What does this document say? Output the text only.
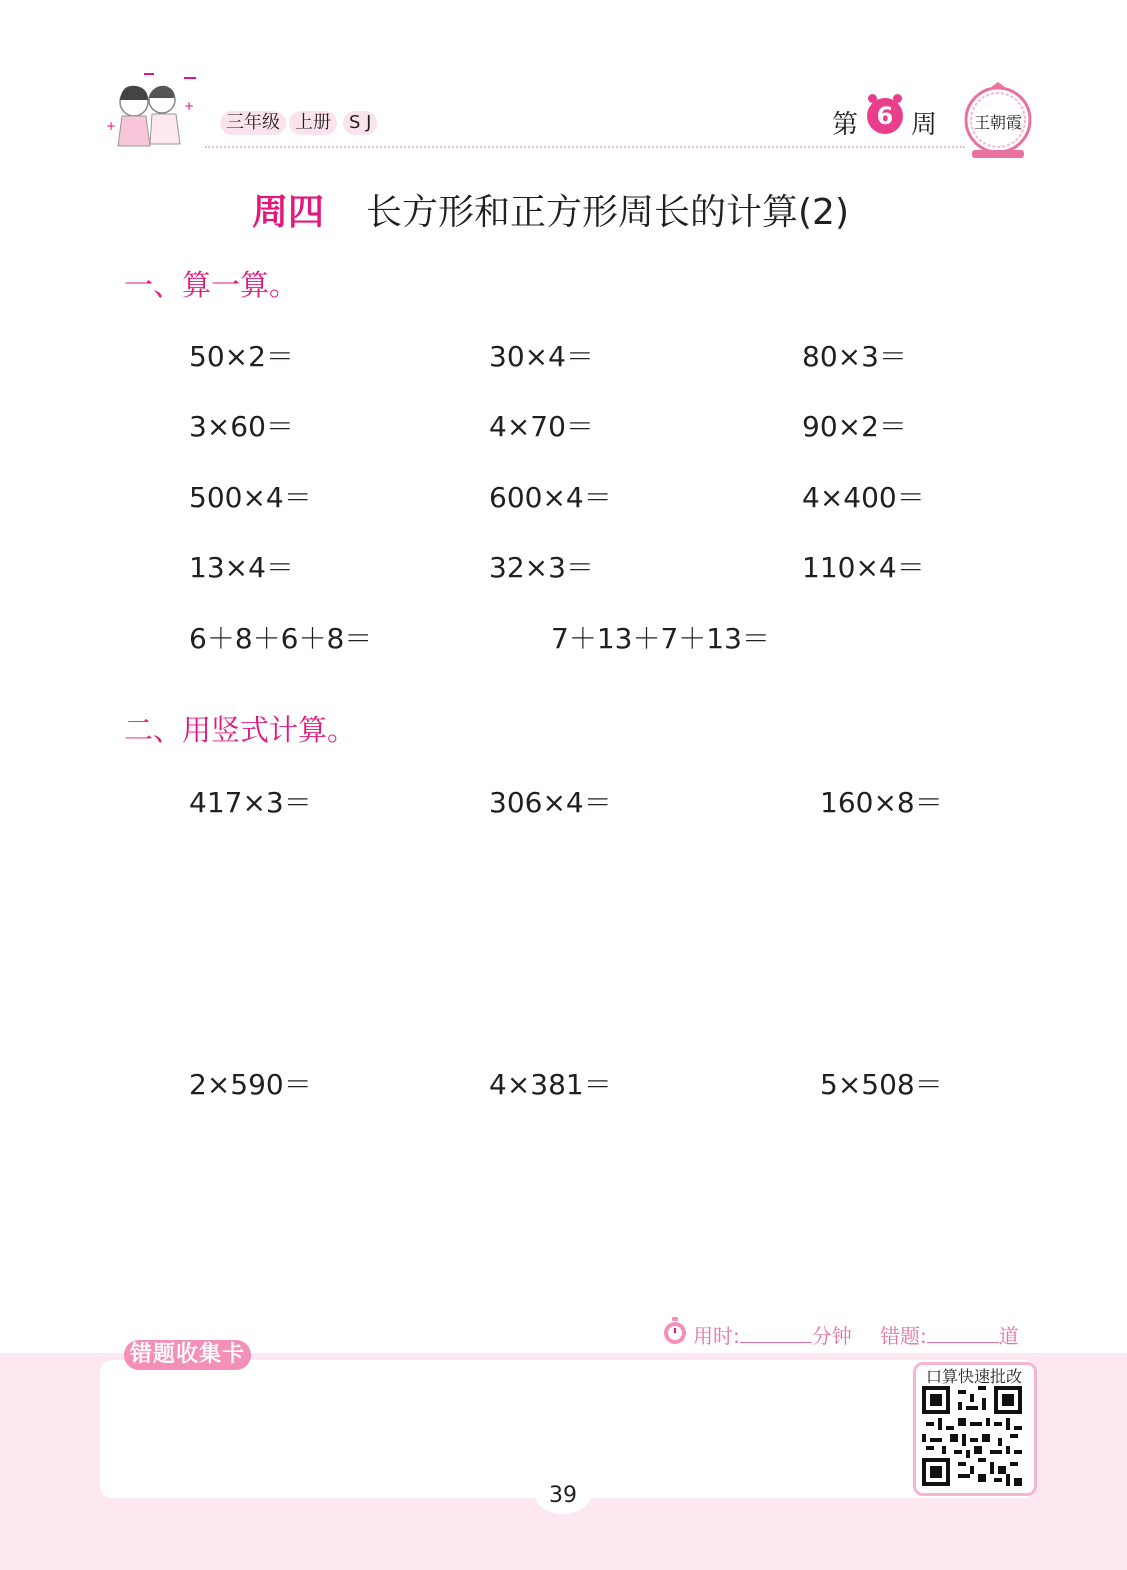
+
+
三年级 上册	S J	第 6 周 王朝霞
周四 长方形和正方形周长的计算(2)
一、算一算。
50×2＝	30×4＝	80×3＝
3×60＝	4×70＝	90×2＝
500×4＝	600×4＝	4×400＝
13×4＝	32×3＝	110×4＝
6＋8＋6＋8＝	7＋13＋7＋13＝
二、用竖式计算。
417×3＝	306×4＝	160×8＝
2×590＝	4×381＝	5×508＝
用时:	分钟 错题:	道
错题收集卡
口算快速批改
39
